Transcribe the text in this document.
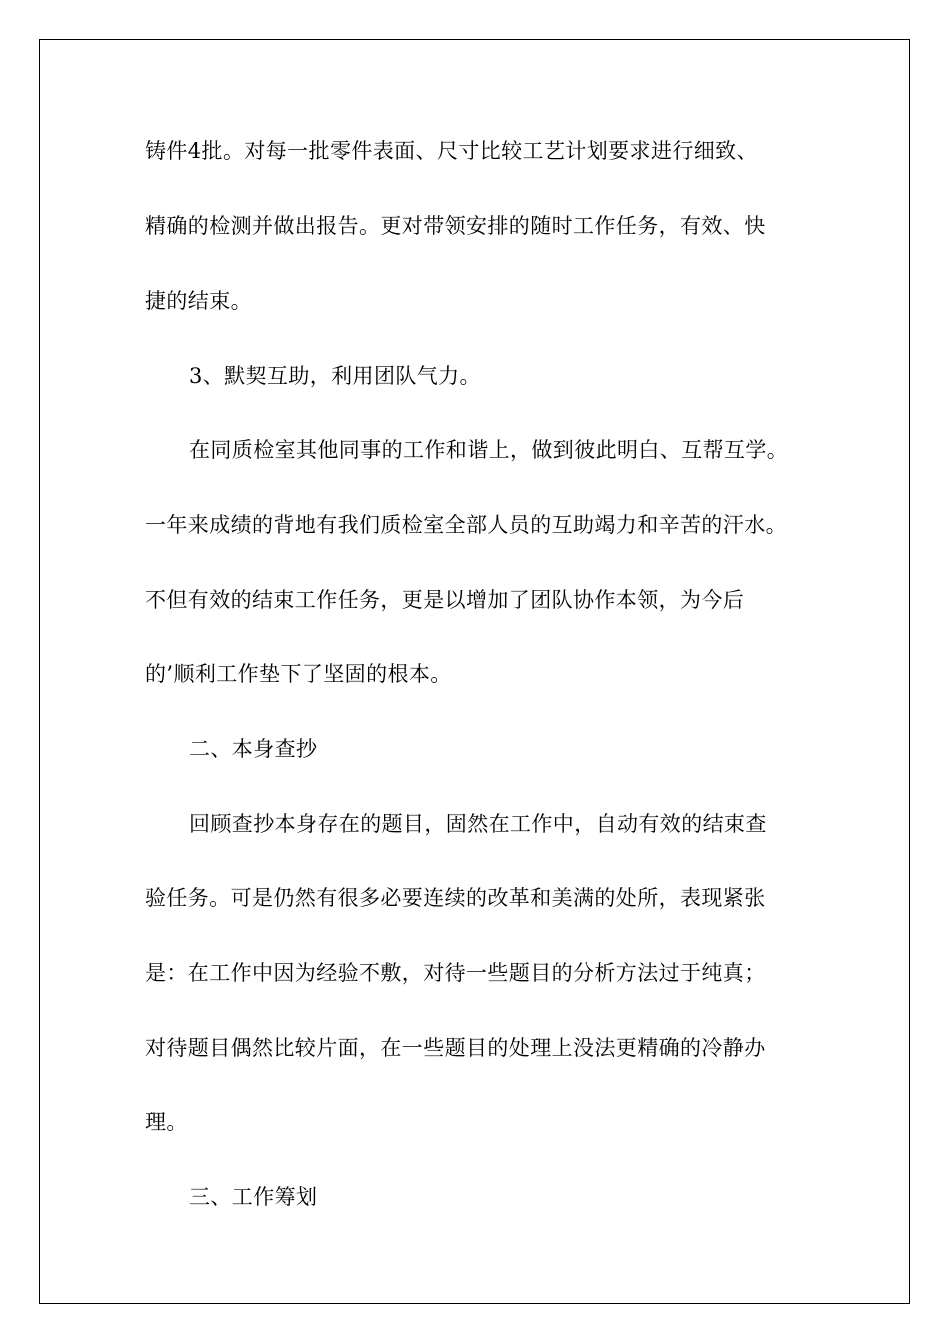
铸件4批。对每一批零件表面、尺寸比较工艺计划要求进行细致、
精确的检测并做出报告。更对带领安排的随时工作任务，有效、快
捷的结束。
3、默契互助，利用团队气力。
在同质检室其他同事的工作和谐上，做到彼此明白、互帮互学。
一年来成绩的背地有我们质检室全部人员的互助竭力和辛苦的汗水。
不但有效的结束工作任务，更是以增加了团队协作本领，为今后
的’顺利工作垫下了坚固的根本。
二、本身查抄
回顾查抄本身存在的题目，固然在工作中，自动有效的结束查
验任务。可是仍然有很多必要连续的改革和美满的处所，表现紧张
是：在工作中因为经验不敷，对待一些题目的分析方法过于纯真；
对待题目偶然比较片面，在一些题目的处理上没法更精确的冷静办
理。
三、工作筹划
